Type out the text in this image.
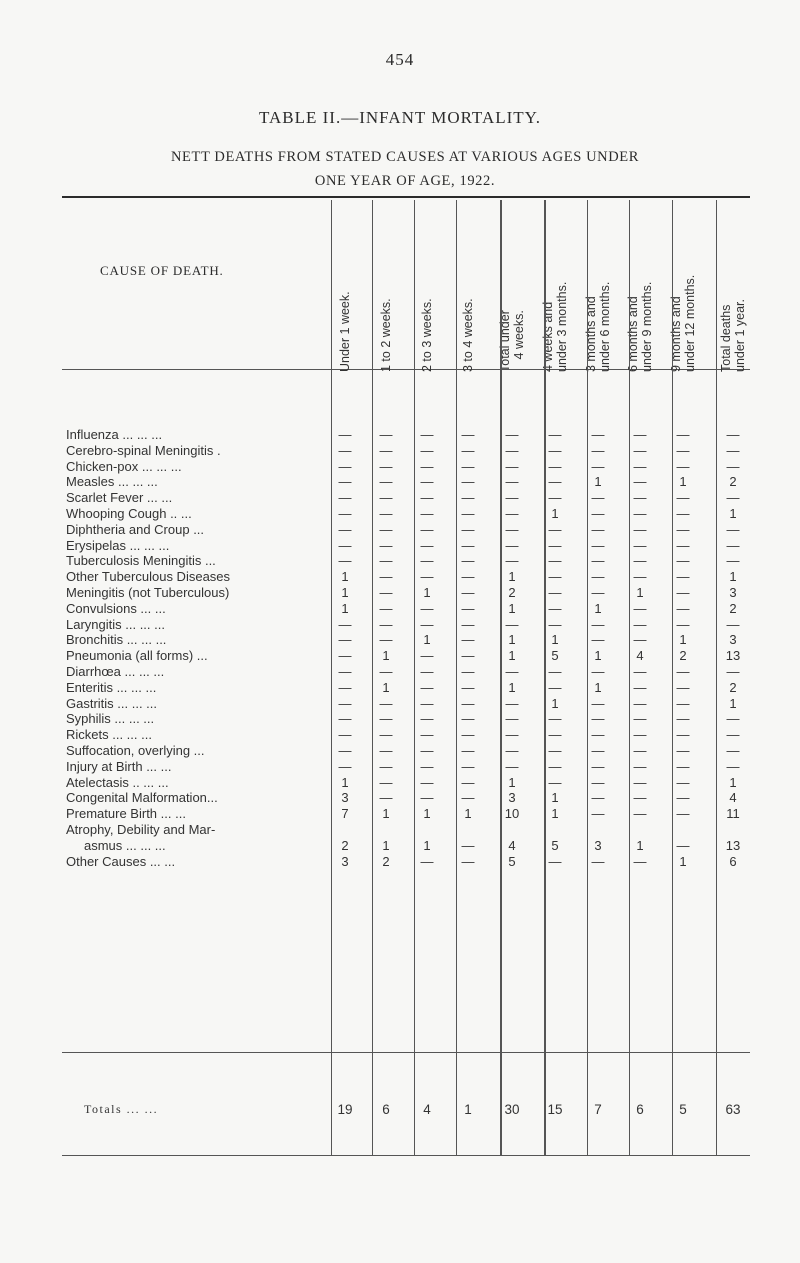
454
TABLE II.—INFANT MORTALITY.
NETT DEATHS FROM STATED CAUSES AT VARIOUS AGES UNDER
ONE YEAR OF AGE, 1922.
CAUSE OF DEATH.
Under 1 week. 1 to 2 weeks. 2 to 3 weeks. 3 to 4 weeks. Total under 4 weeks. 4 weeks and under 3 months. 3 months and under 6 months. 6 months and under 9 months. 9 months and under 12 months. Total deaths under 1 year.
Influenza ... ... ...	—	—	—	—	—	—	—	—	—	—
Cerebro-spinal Meningitis .	—	—	—	—	—	—	—	—	—	—
Chicken-pox ... ... ...	—	—	—	—	—	—	—	—	—	—
Measles ... ... ...	—	—	—	—	—	—	1	—	1	2
Scarlet Fever ... ...	—	—	—	—	—	—	—	—	—	—
Whooping Cough .. ...	—	—	—	—	—	1	—	—	—	1
Diphtheria and Croup ...	—	—	—	—	—	—	—	—	—	—
Erysipelas ... ... ...	—	—	—	—	—	—	—	—	—	—
Tuberculosis Meningitis ...	—	—	—	—	—	—	—	—	—	—
Other Tuberculous Diseases	1	—	—	—	1	—	—	—	—	1
Meningitis (not Tuberculous)	1	—	1	—	2	—	—	1	—	3
Convulsions ... ...	1	—	—	—	1	—	1	—	—	2
Laryngitis ... ... ...	—	—	—	—	—	—	—	—	—	—
Bronchitis ... ... ...	—	—	1	—	1	1	—	—	1	3
Pneumonia (all forms) ...	—	1	—	—	1	5	1	4	2	13
Diarrhœa ... ... ...	—	—	—	—	—	—	—	—	—	—
Enteritis ... ... ...	—	1	—	—	1	—	1	—	—	2
Gastritis ... ... ...	—	—	—	—	—	1	—	—	—	1
Syphilis ... ... ...	—	—	—	—	—	—	—	—	—	—
Rickets ... ... ...	—	—	—	—	—	—	—	—	—	—
Suffocation, overlying ...	—	—	—	—	—	—	—	—	—	—
Injury at Birth ... ...	—	—	—	—	—	—	—	—	—	—
Atelectasis .. ... ...	1	—	—	—	1	—	—	—	—	1
Congenital Malformation...	3	—	—	—	3	1	—	—	—	4
Premature Birth ... ...	7	1	1	1	10	1	—	—	—	11
Atrophy, Debility and Mar-
asmus ... ... ...	2	1	1	—	4	5	3	1	—	13
Other Causes ... ...	3	2	—	—	5	—	—	—	1	6
Totals ... ...	19	6	4	1	30	15	7	6	5	63
